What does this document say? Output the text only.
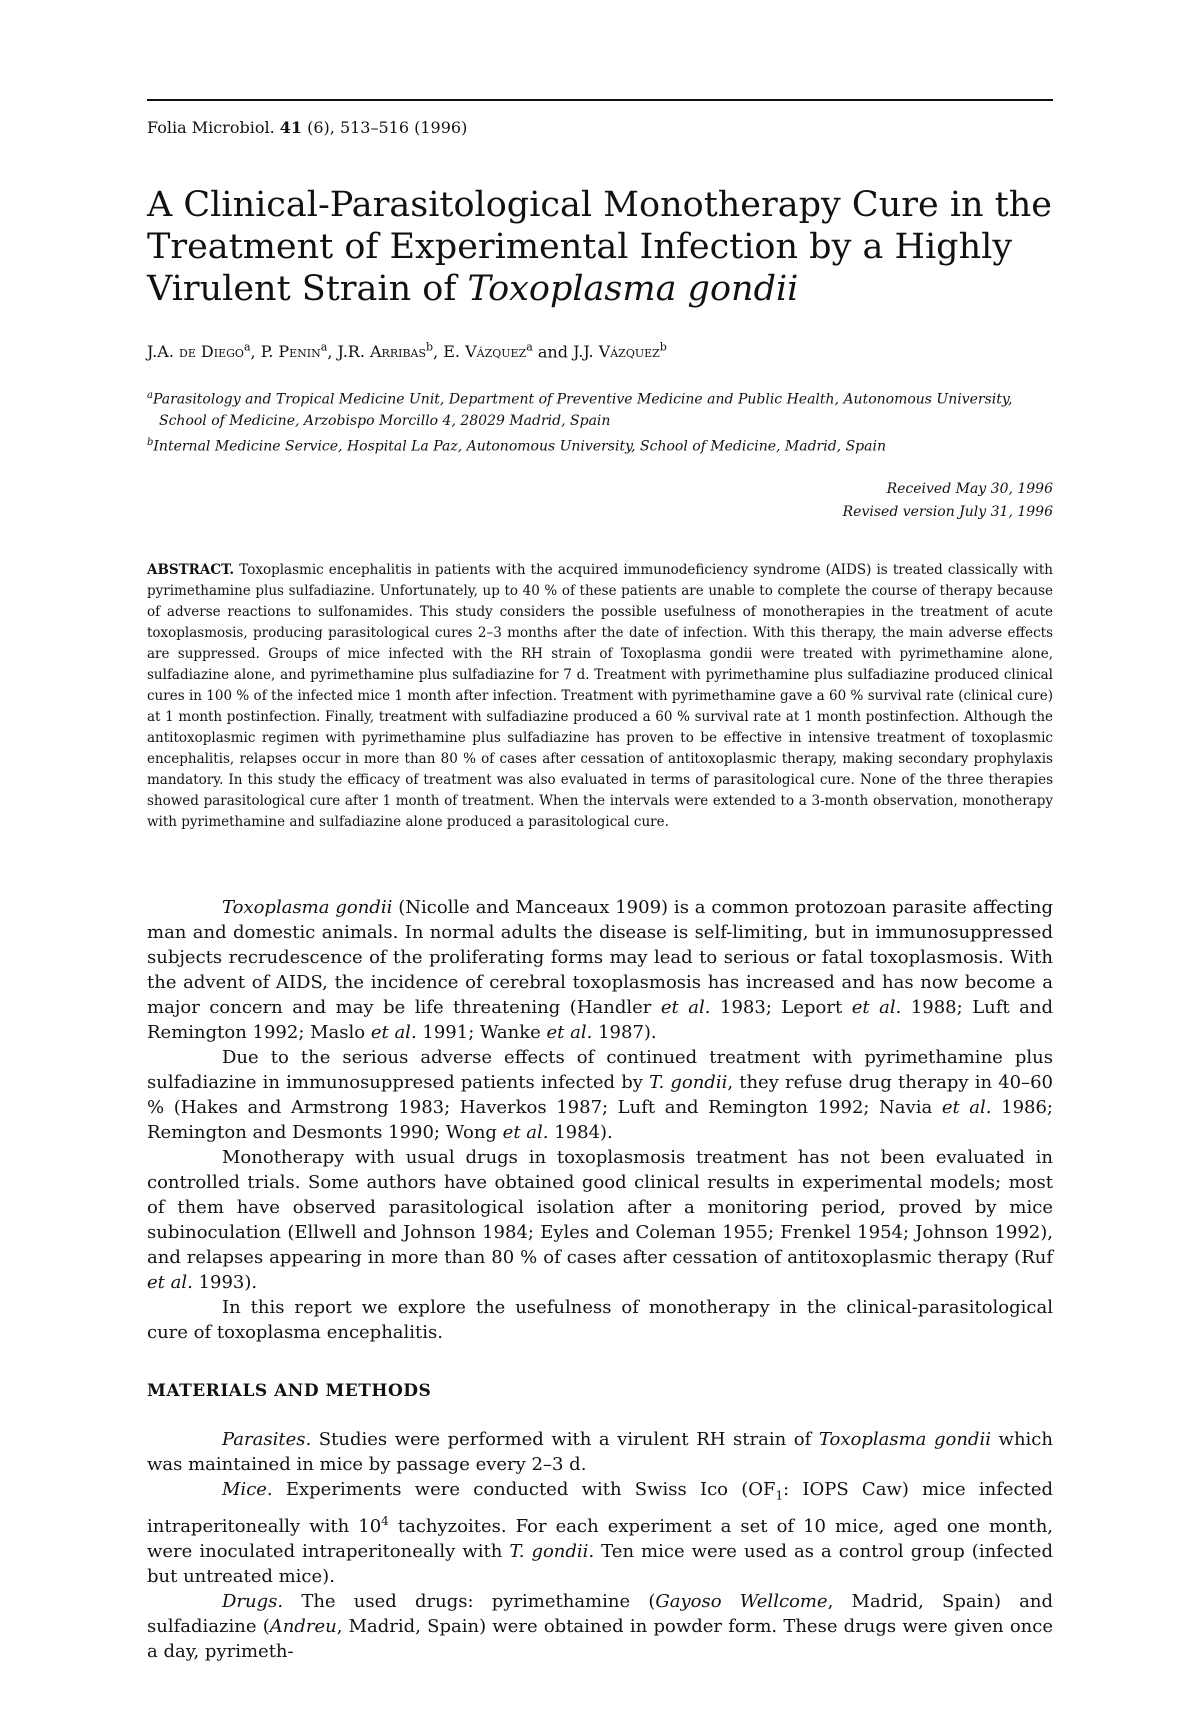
Folia Microbiol. 41 (6), 513–516 (1996)
A Clinical-Parasitological Monotherapy Cure in the Treatment of Experimental Infection by a Highly Virulent Strain of Toxoplasma gondii
J.A. de Diego$^a$, P. Penin$^a$, J.R. Arribas$^b$, E. Vázquez$^a$ and J.J. Vázquez$^b$
$^a$Parasitology and Tropical Medicine Unit, Department of Preventive Medicine and Public Health, Autonomous University,
School of Medicine, Arzobispo Morcillo 4, 28029 Madrid, Spain
$^b$Internal Medicine Service, Hospital La Paz, Autonomous University, School of Medicine, Madrid, Spain
Received May 30, 1996
Revised version July 31, 1996
ABSTRACT. Toxoplasmic encephalitis in patients with the acquired immunodeficiency syndrome (AIDS) is treated classically with pyrimethamine plus sulfadiazine. Unfortunately, up to 40 % of these patients are unable to complete the course of therapy because of adverse reactions to sulfonamides. This study considers the possible usefulness of monotherapies in the treatment of acute toxoplasmosis, producing parasitological cures 2–3 months after the date of infection. With this therapy, the main adverse effects are suppressed. Groups of mice infected with the RH strain of Toxoplasma gondii were treated with pyrimethamine alone, sulfadiazine alone, and pyrimethamine plus sulfadiazine for 7 d. Treatment with pyrimethamine plus sulfadiazine produced clinical cures in 100 % of the infected mice 1 month after infection. Treatment with pyrimethamine gave a 60 % survival rate (clinical cure) at 1 month postinfection. Finally, treatment with sulfadiazine produced a 60 % survival rate at 1 month postinfection. Although the antitoxoplasmic regimen with pyrimethamine plus sulfadiazine has proven to be effective in intensive treatment of toxoplasmic encephalitis, relapses occur in more than 80 % of cases after cessation of antitoxoplasmic therapy, making secondary prophylaxis mandatory. In this study the efficacy of treatment was also evaluated in terms of parasitological cure. None of the three therapies showed parasitological cure after 1 month of treatment. When the intervals were extended to a 3-month observation, monotherapy with pyrimethamine and sulfadiazine alone produced a parasitological cure.

Toxoplasma gondii (Nicolle and Manceaux 1909) is a common protozoan parasite affecting man and domestic animals. In normal adults the disease is self-limiting, but in immunosuppressed subjects recrudescence of the proliferating forms may lead to serious or fatal toxoplasmosis. With the advent of AIDS, the incidence of cerebral toxoplasmosis has increased and has now become a major concern and may be life threatening (Handler et al. 1983; Leport et al. 1988; Luft and Remington 1992; Maslo et al. 1991; Wanke et al. 1987).

Due to the serious adverse effects of continued treatment with pyrimethamine plus sulfadiazine in immunosuppresed patients infected by T. gondii, they refuse drug therapy in 40–60 % (Hakes and Armstrong 1983; Haverkos 1987; Luft and Remington 1992; Navia et al. 1986; Remington and Desmonts 1990; Wong et al. 1984).

Monotherapy with usual drugs in toxoplasmosis treatment has not been evaluated in controlled trials. Some authors have obtained good clinical results in experimental models; most of them have observed parasitological isolation after a monitoring period, proved by mice subinoculation (Ellwell and Johnson 1984; Eyles and Coleman 1955; Frenkel 1954; Johnson 1992), and relapses appearing in more than 80 % of cases after cessation of antitoxoplasmic therapy (Ruf et al. 1993).

In this report we explore the usefulness of monotherapy in the clinical-parasitological cure of toxoplasma encephalitis.

MATERIALS AND METHODS

Parasites. Studies were performed with a virulent RH strain of Toxoplasma gondii which was maintained in mice by passage every 2–3 d.

Mice. Experiments were conducted with Swiss Ico ($OF_1$: IOPS Caw) mice infected intraperitoneally with $10^4$ tachyzoites. For each experiment a set of 10 mice, aged one month, were inoculated intraperitoneally with T. gondii. Ten mice were used as a control group (infected but untreated mice).

Drugs. The used drugs: pyrimethamine (Gayoso Wellcome, Madrid, Spain) and sulfadiazine (Andreu, Madrid, Spain) were obtained in powder form. These drugs were given once a day, pyrimeth-
